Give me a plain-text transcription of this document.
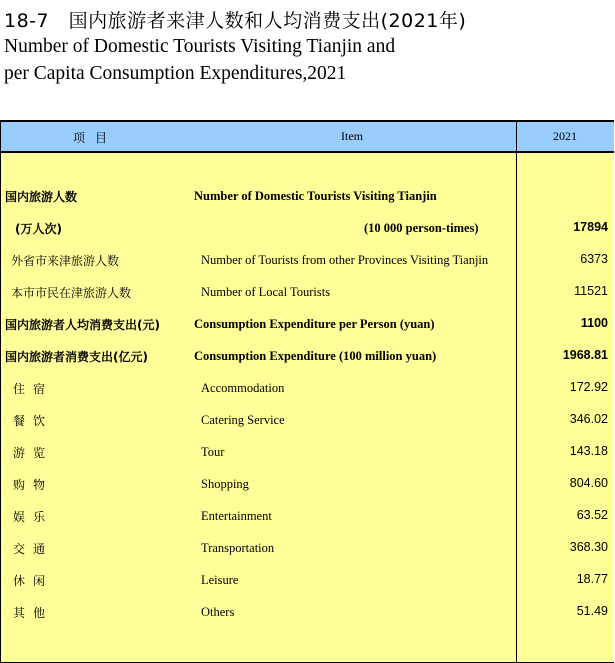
18-7　国内旅游者来津人数和人均消费支出(2021年)
Number of Domestic Tourists Visiting Tianjin and
per Capita Consumption Expenditures,2021
项目	Item	2021
国内旅游人数	Number of Domestic Tourists Visiting Tianjin
(万人次)	(10 000 person-times)	17894
外省市来津旅游人数	Number of Tourists from other Provinces Visiting Tianjin	6373
本市市民在津旅游人数	Number of Local Tourists	11521
国内旅游者人均消费支出(元)	Consumption Expenditure per Person (yuan)	1100
国内旅游者消费支出(亿元)	Consumption Expenditure (100 million yuan)	1968.81
住宿	Accommodation	172.92
餐饮	Catering Service	346.02
游览	Tour	143.18
购物	Shopping	804.60
娱乐	Entertainment	63.52
交通	Transportation	368.30
休闲	Leisure	18.77
其他	Others	51.49
